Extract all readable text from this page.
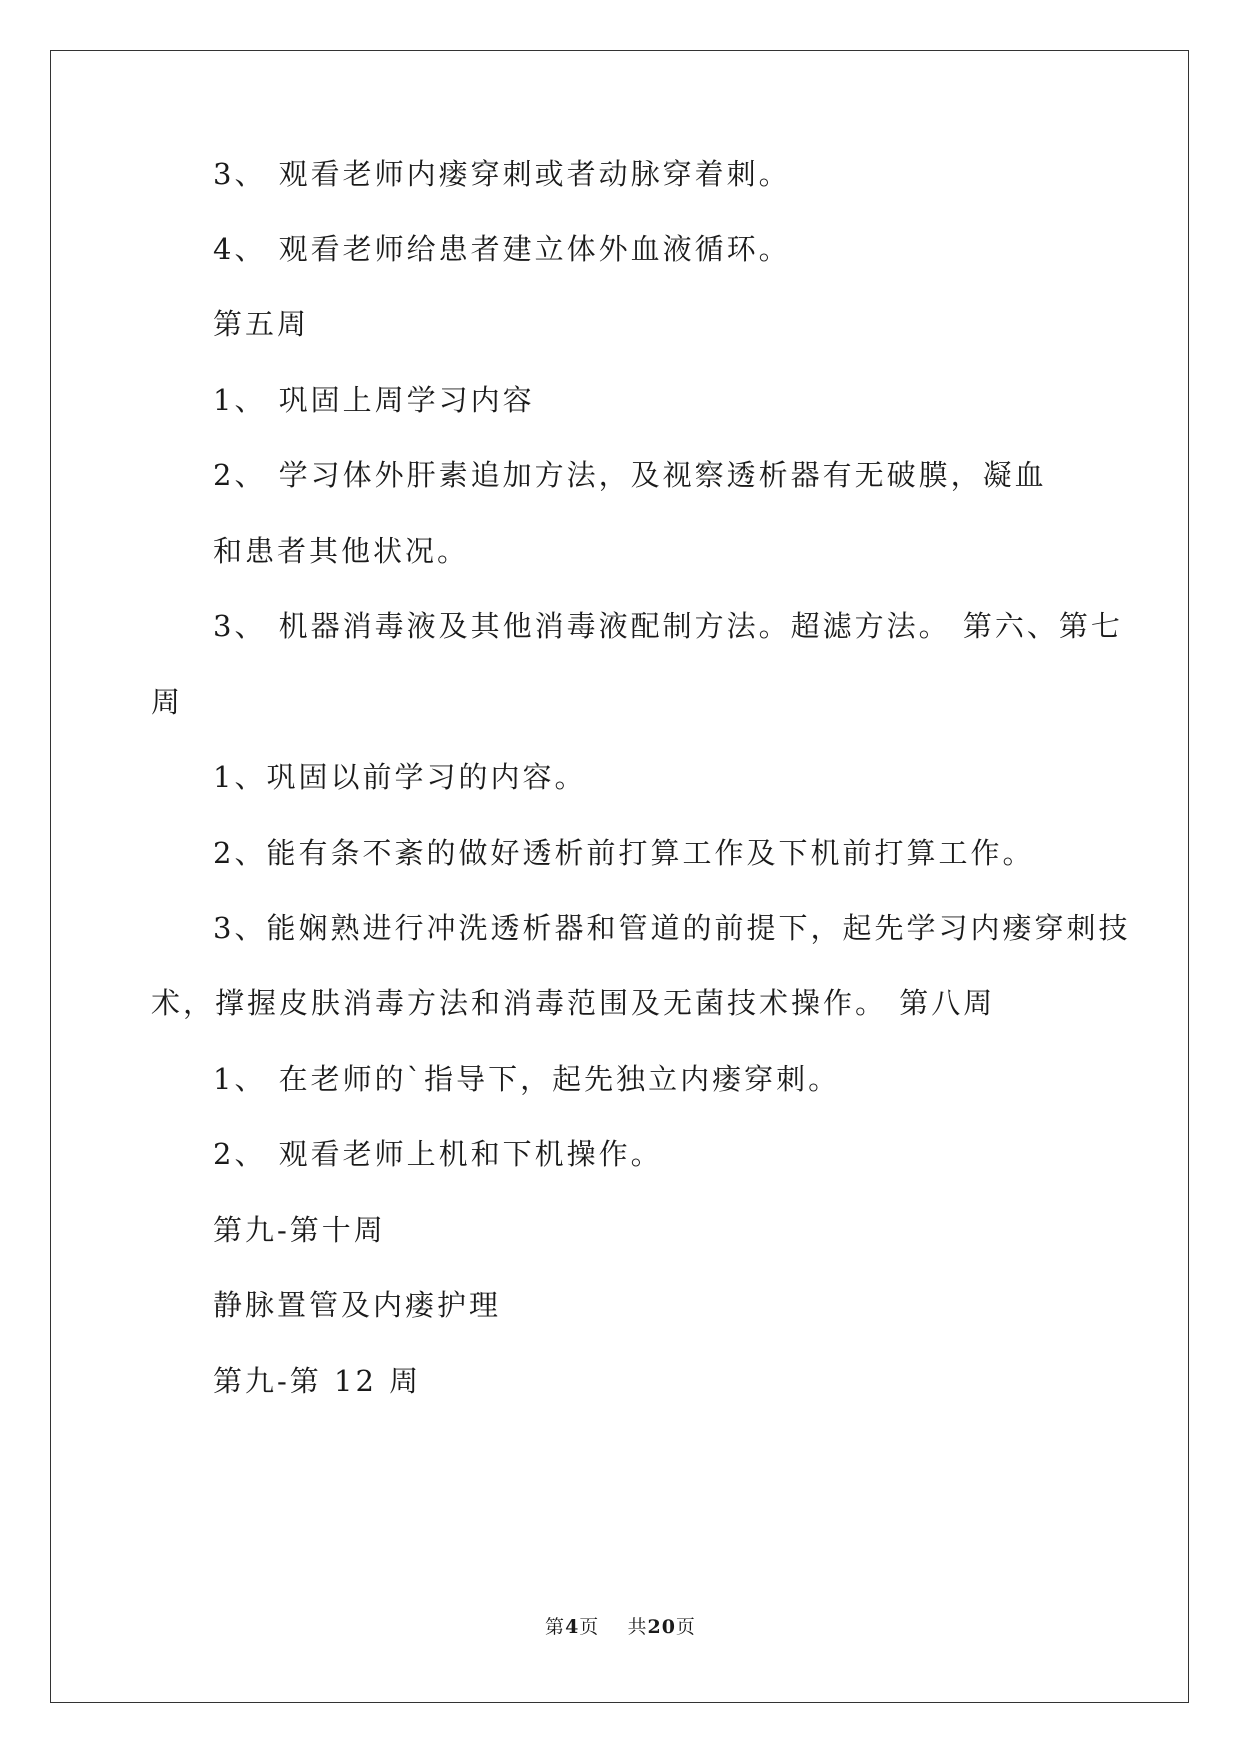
3、 观看老师内瘘穿刺或者动脉穿着刺。
4、 观看老师给患者建立体外血液循环。
第五周
1、 巩固上周学习内容
2、 学习体外肝素追加方法，及视察透析器有无破膜，凝血
和患者其他状况。
3、 机器消毒液及其他消毒液配制方法。超滤方法。 第六、第七
周
1、巩固以前学习的内容。
2、能有条不紊的做好透析前打算工作及下机前打算工作。
3、能娴熟进行冲洗透析器和管道的前提下，起先学习内瘘穿刺技
术，撑握皮肤消毒方法和消毒范围及无菌技术操作。 第八周
1、 在老师的`指导下，起先独立内瘘穿刺。
2、 观看老师上机和下机操作。
第九-第十周
静脉置管及内瘘护理
第九-第 12 周
第4页    共20页
